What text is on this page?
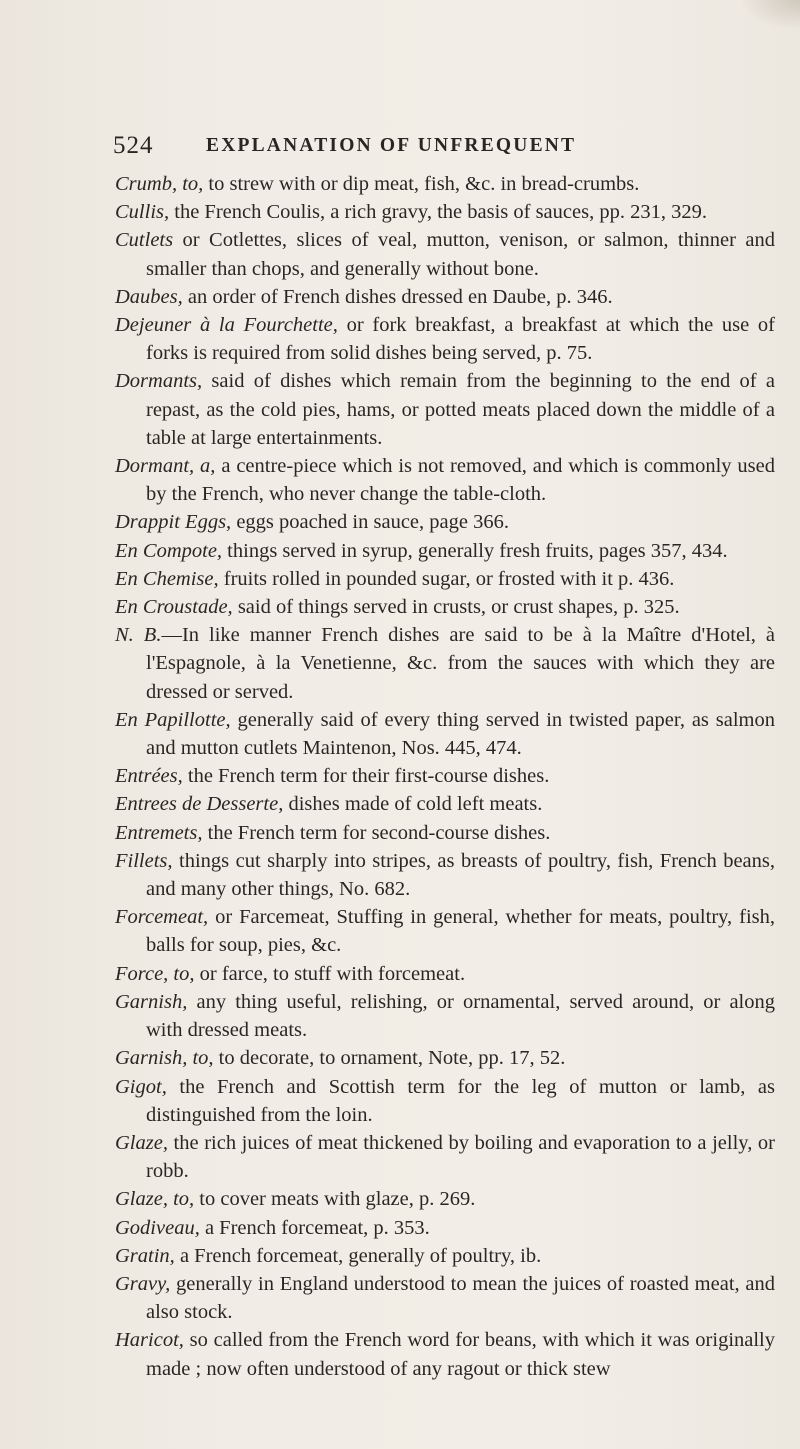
524	EXPLANATION OF UNFREQUENT

Crumb, to, to strew with or dip meat, fish, &c. in bread-crumbs.

Cullis, the French Coulis, a rich gravy, the basis of sauces, pp. 231, 329.

Cutlets or Cotlettes, slices of veal, mutton, venison, or salmon, thinner and smaller than chops, and generally without bone.

Daubes, an order of French dishes dressed en Daube, p. 346.

Dejeuner à la Fourchette, or fork breakfast, a breakfast at which the use of forks is required from solid dishes being served, p. 75.

Dormants, said of dishes which remain from the beginning to the end of a repast, as the cold pies, hams, or potted meats placed down the middle of a table at large entertainments.

Dormant, a, a centre-piece which is not removed, and which is commonly used by the French, who never change the table-cloth.

Drappit Eggs, eggs poached in sauce, page 366.

En Compote, things served in syrup, generally fresh fruits, pages 357, 434.

En Chemise, fruits rolled in pounded sugar, or frosted with it p. 436.

En Croustade, said of things served in crusts, or crust shapes, p. 325.

N. B.—In like manner French dishes are said to be à la Maître d'Hotel, à l'Espagnole, à la Venetienne, &c. from the sauces with which they are dressed or served.

En Papillotte, generally said of every thing served in twisted paper, as salmon and mutton cutlets Maintenon, Nos. 445, 474.

Entrées, the French term for their first-course dishes.

Entrees de Desserte, dishes made of cold left meats.

Entremets, the French term for second-course dishes.

Fillets, things cut sharply into stripes, as breasts of poultry, fish, French beans, and many other things, No. 682.

Forcemeat, or Farcemeat, Stuffing in general, whether for meats, poultry, fish, balls for soup, pies, &c.

Force, to, or farce, to stuff with forcemeat.

Garnish, any thing useful, relishing, or ornamental, served around, or along with dressed meats.

Garnish, to, to decorate, to ornament, Note, pp. 17, 52.

Gigot, the French and Scottish term for the leg of mutton or lamb, as distinguished from the loin.

Glaze, the rich juices of meat thickened by boiling and evaporation to a jelly, or robb.

Glaze, to, to cover meats with glaze, p. 269.

Godiveau, a French forcemeat, p. 353.

Gratin, a French forcemeat, generally of poultry, ib.

Gravy, generally in England understood to mean the juices of roasted meat, and also stock.

Haricot, so called from the French word for beans, with which it was originally made ; now often understood of any ragout or thick stew
